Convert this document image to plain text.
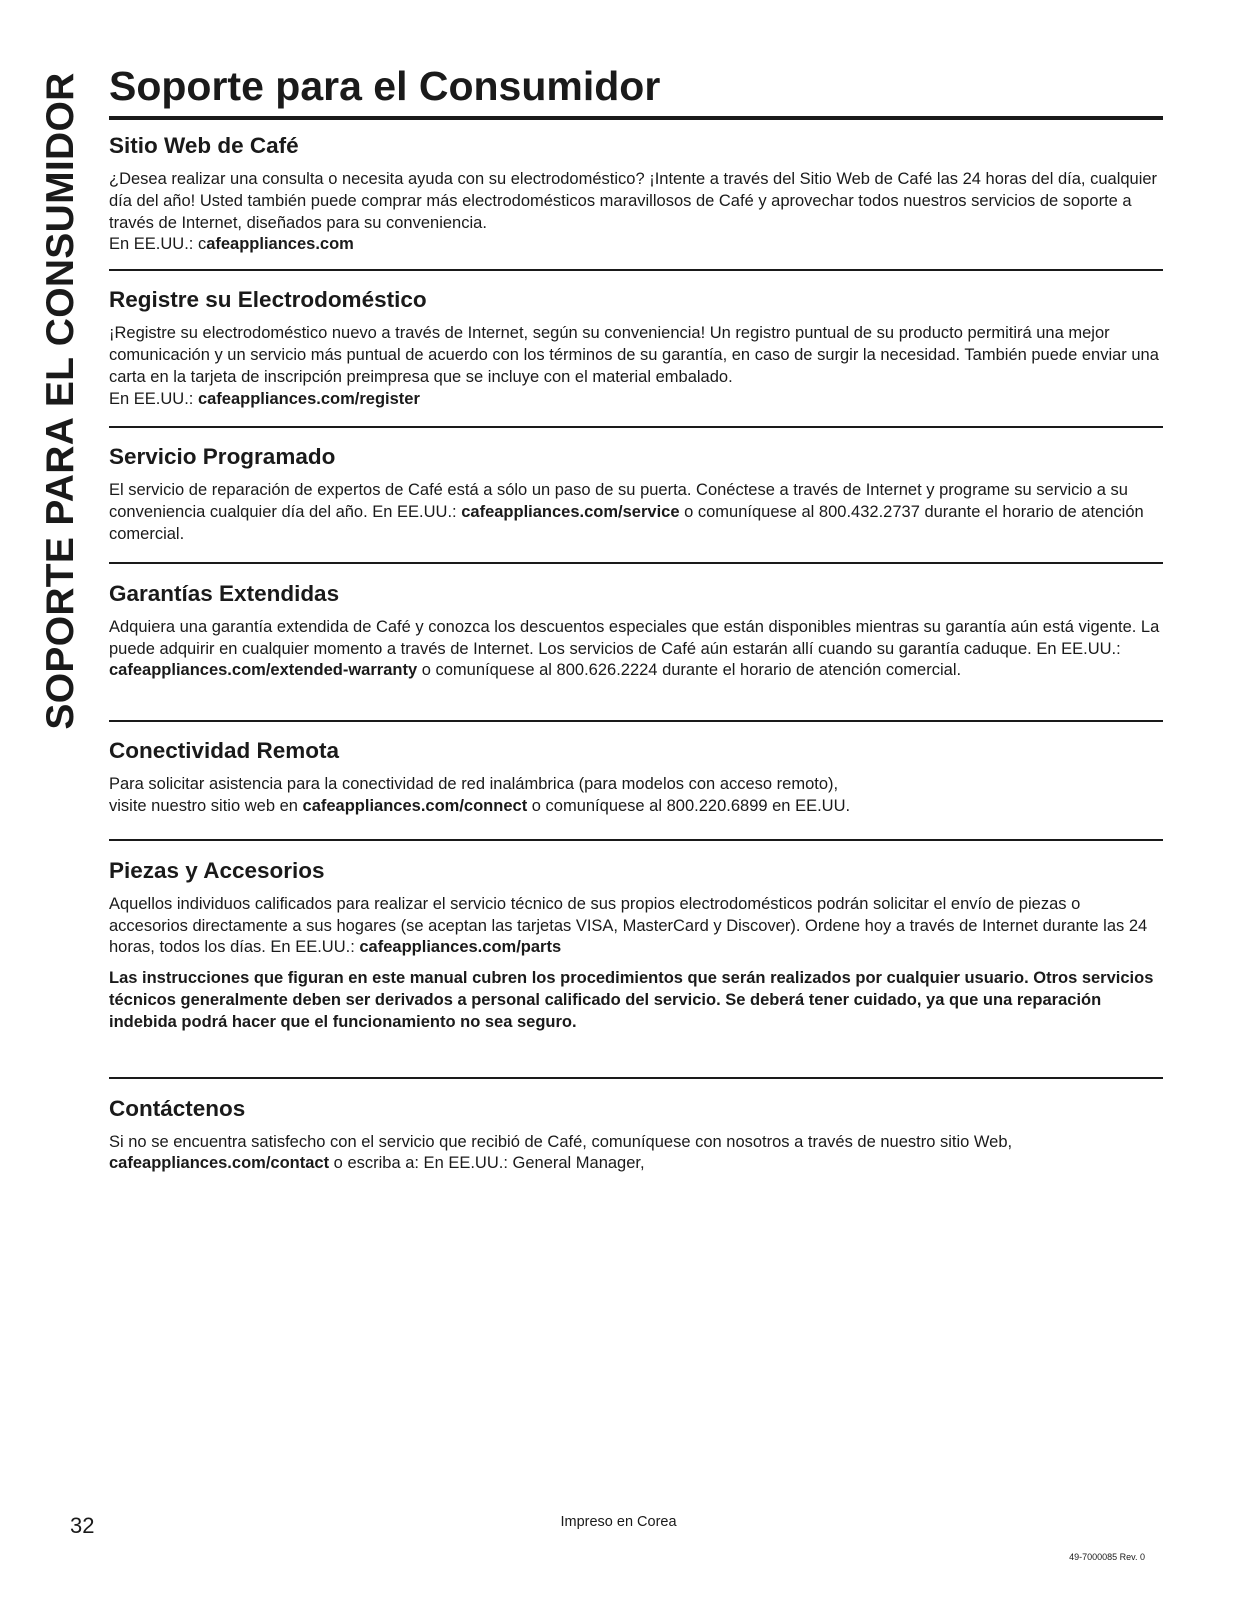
SOPORTE PARA EL CONSUMIDOR Soporte para el Consumidor
Sitio Web de Café

¿Desea realizar una consulta o necesita ayuda con su electrodoméstico? ¡Intente a través del Sitio Web de Café las 24 horas del día, cualquier día del año! Usted también puede comprar más electrodomésticos maravillosos de Café y aprovechar todos nuestros servicios de soporte a través de Internet, diseñados para su conveniencia.
En EE.UU.: cafeappliances.com

Registre su Electrodoméstico

¡Registre su electrodoméstico nuevo a través de Internet, según su conveniencia! Un registro puntual de su producto permitirá una mejor comunicación y un servicio más puntual de acuerdo con los términos de su garantía, en caso de surgir la necesidad. También puede enviar una carta en la tarjeta de inscripción preimpresa que se incluye con el material embalado.
En EE.UU.: cafeappliances.com/register

Servicio Programado

El servicio de reparación de expertos de Café está a sólo un paso de su puerta. Conéctese a través de Internet y programe su servicio a su conveniencia cualquier día del año. En EE.UU.: cafeappliances.com/service o comuníquese al 800.432.2737 durante el horario de atención comercial.

Garantías Extendidas

Adquiera una garantía extendida de Café y conozca los descuentos especiales que están disponibles mientras su garantía aún está vigente. La puede adquirir en cualquier momento a través de Internet. Los servicios de Café aún estarán allí cuando su garantía caduque. En EE.UU.: cafeappliances.com/extended-warranty o comuníquese al 800.626.2224 durante el horario de atención comercial.

Conectividad Remota

Para solicitar asistencia para la conectividad de red inalámbrica (para modelos con acceso remoto),
visite nuestro sitio web en cafeappliances.com/connect o comuníquese al 800.220.6899 en EE.UU.

Piezas y Accesorios

Aquellos individuos calificados para realizar el servicio técnico de sus propios electrodomésticos podrán solicitar el envío de piezas o accesorios directamente a sus hogares (se aceptan las tarjetas VISA, MasterCard y Discover). Ordene hoy a través de Internet durante las 24 horas, todos los días. En EE.UU.: cafeappliances.com/parts

Las instrucciones que figuran en este manual cubren los procedimientos que serán realizados por cualquier usuario. Otros servicios técnicos generalmente deben ser derivados a personal calificado del servicio. Se deberá tener cuidado, ya que una reparación indebida podrá hacer que el funcionamiento no sea seguro.

Contáctenos

Si no se encuentra satisfecho con el servicio que recibió de Café, comuníquese con nosotros a través de nuestro sitio Web,
cafeappliances.com/contact o escriba a: En EE.UU.: General Manager,

32	Impreso en Corea
49-7000085 Rev. 0
